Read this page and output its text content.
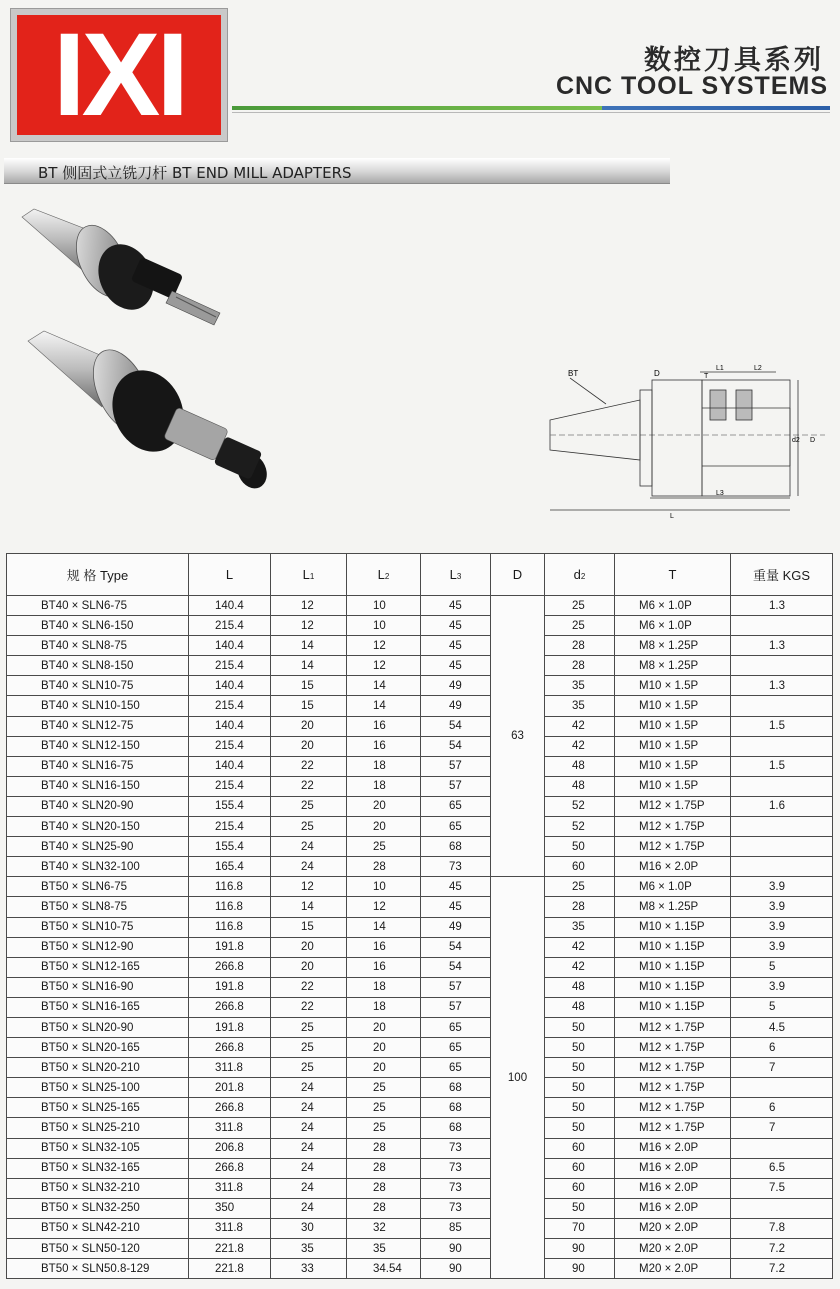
IXI	数控刀具系列
CNC TOOL SYSTEMS
BT 侧固式立铣刀杆 BT END MILL ADAPTERS
BT	D	T
L1	L2
L3
L
d2 D
规 格 Type	L	L1	L2	L3	D	d2	T	重量 KGS
BT40 × SLN6-75	140.4	12	10	45	63	25	M6 × 1.0P	1.3
BT40 × SLN6-150	215.4	12	10	45		25	M6 × 1.0P	
BT40 × SLN8-75	140.4	14	12	45		28	M8 × 1.25P	1.3
BT40 × SLN8-150	215.4	14	12	45		28	M8 × 1.25P	
BT40 × SLN10-75	140.4	15	14	49		35	M10 × 1.5P	1.3
BT40 × SLN10-150	215.4	15	14	49		35	M10 × 1.5P	
BT40 × SLN12-75	140.4	20	16	54		42	M10 × 1.5P	1.5
BT40 × SLN12-150	215.4	20	16	54		42	M10 × 1.5P	
BT40 × SLN16-75	140.4	22	18	57		48	M10 × 1.5P	1.5
BT40 × SLN16-150	215.4	22	18	57		48	M10 × 1.5P	
BT40 × SLN20-90	155.4	25	20	65		52	M12 × 1.75P	1.6
BT40 × SLN20-150	215.4	25	20	65		52	M12 × 1.75P	
BT40 × SLN25-90	155.4	24	25	68		50	M12 × 1.75P	
BT40 × SLN32-100	165.4	24	28	73		60	M16 × 2.0P	
BT50 × SLN6-75	116.8	12	10	45	100	25	M6 × 1.0P	3.9
BT50 × SLN8-75	116.8	14	12	45		28	M8 × 1.25P	3.9
BT50 × SLN10-75	116.8	15	14	49		35	M10 × 1.15P	3.9
BT50 × SLN12-90	191.8	20	16	54		42	M10 × 1.15P	3.9
BT50 × SLN12-165	266.8	20	16	54		42	M10 × 1.15P	5
BT50 × SLN16-90	191.8	22	18	57		48	M10 × 1.15P	3.9
BT50 × SLN16-165	266.8	22	18	57		48	M10 × 1.15P	5
BT50 × SLN20-90	191.8	25	20	65		50	M12 × 1.75P	4.5
BT50 × SLN20-165	266.8	25	20	65		50	M12 × 1.75P	6
BT50 × SLN20-210	311.8	25	20	65		50	M12 × 1.75P	7
BT50 × SLN25-100	201.8	24	25	68		50	M12 × 1.75P	
BT50 × SLN25-165	266.8	24	25	68		50	M12 × 1.75P	6
BT50 × SLN25-210	311.8	24	25	68		50	M12 × 1.75P	7
BT50 × SLN32-105	206.8	24	28	73		60	M16 × 2.0P	
BT50 × SLN32-165	266.8	24	28	73		60	M16 × 2.0P	6.5
BT50 × SLN32-210	311.8	24	28	73		60	M16 × 2.0P	7.5
BT50 × SLN32-250	350	24	28	73		50	M16 × 2.0P	
BT50 × SLN42-210	311.8	30	32	85		70	M20 × 2.0P	7.8
BT50 × SLN50-120	221.8	35	35	90		90	M20 × 2.0P	7.2
BT50 × SLN50.8-129	221.8	33	34.54	90		90	M20 × 2.0P	7.2
